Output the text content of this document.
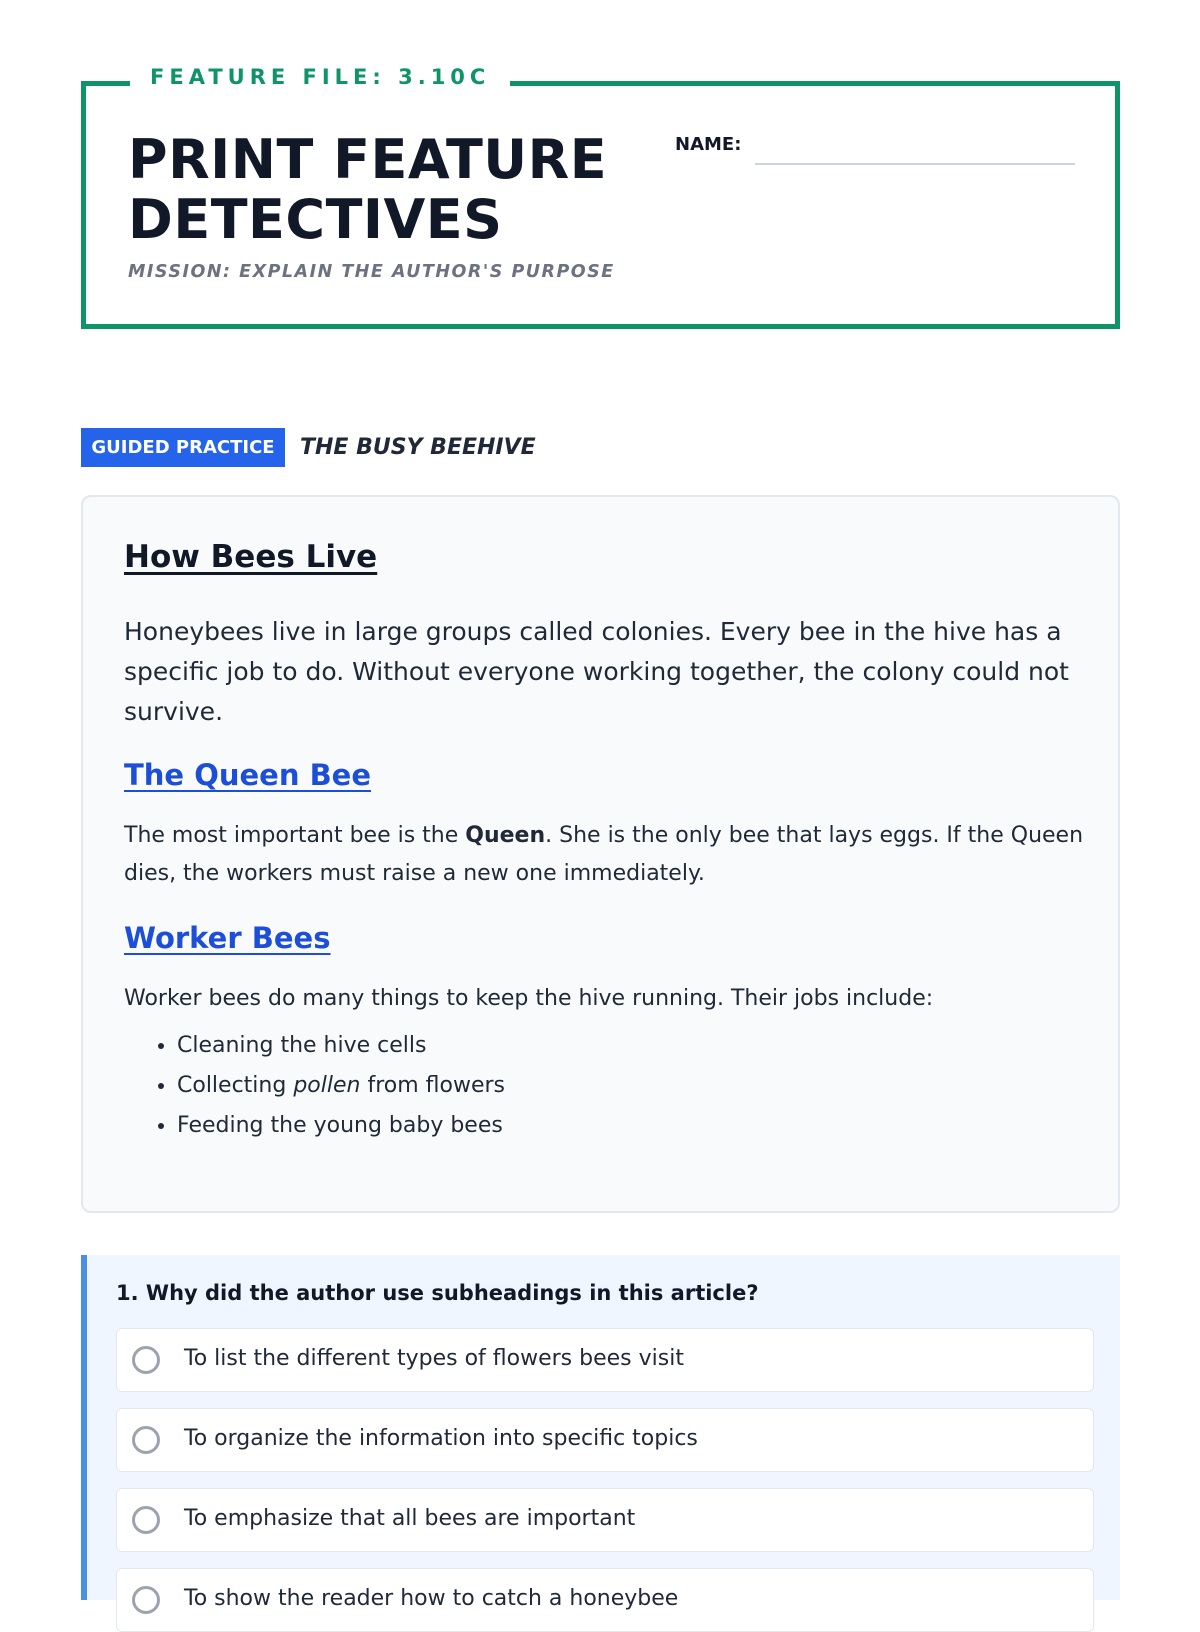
FEATURE FILE: 3.10C
PRINT FEATURE DETECTIVES
MISSION: EXPLAIN THE AUTHOR'S PURPOSE
NAME:
GUIDED PRACTICE	THE BUSY BEEHIVE
How Bees Live

Honeybees live in large groups called colonies. Every bee in the hive has a specific job to do. Without everyone working together, the colony could not survive.

The Queen Bee

The most important bee is the Queen. She is the only bee that lays eggs. If the Queen dies, the workers must raise a new one immediately.

Worker Bees

Worker bees do many things to keep the hive running. Their jobs include:

• Cleaning the hive cells
• Collecting pollen from flowers
• Feeding the young baby bees

1. Why did the author use subheadings in this article?

To list the different types of flowers bees visit
To organize the information into specific topics
To emphasize that all bees are important
To show the reader how to catch a honeybee
